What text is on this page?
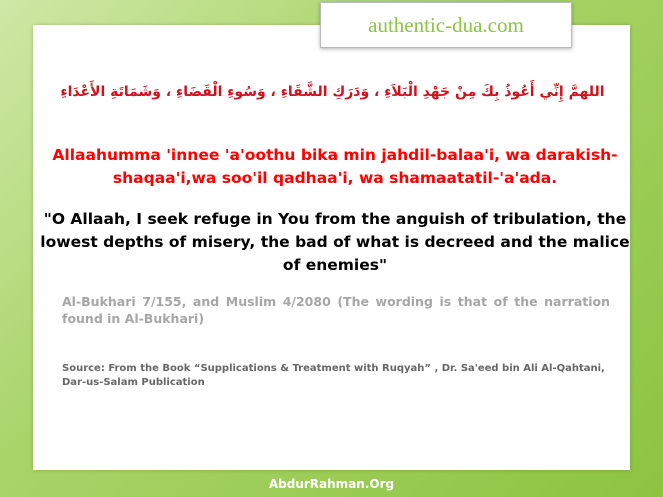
authentic-dua.com
اللهمَّ إِنِّي أَعُوذُ بِكَ مِنْ جَهْدِ الْبَلاَءِ ، وَدَرَكِ الشَّقَاءِ ، وَسُوءِ الْقَضَاءِ ، وَشَمَاتَةِ الأَعْدَاءِ
Allaahumma 'innee 'a'oothu bika min jahdil-balaa'i, wa darakish-shaqaa'i,wa soo'il qadhaa'i, wa shamaatatil-'a'ada.
"O Allaah, I seek refuge in You from the anguish of tribulation, the lowest depths of misery, the bad of what is decreed and the malice of enemies"
Al-Bukhari 7/155, and Muslim 4/2080 (The wording is that of the narration found in Al-Bukhari)
Source: From the Book “Supplications & Treatment with Ruqyah” , Dr. Sa'eed bin Ali Al-Qahtani, Dar-us-Salam Publication
AbdurRahman.Org
